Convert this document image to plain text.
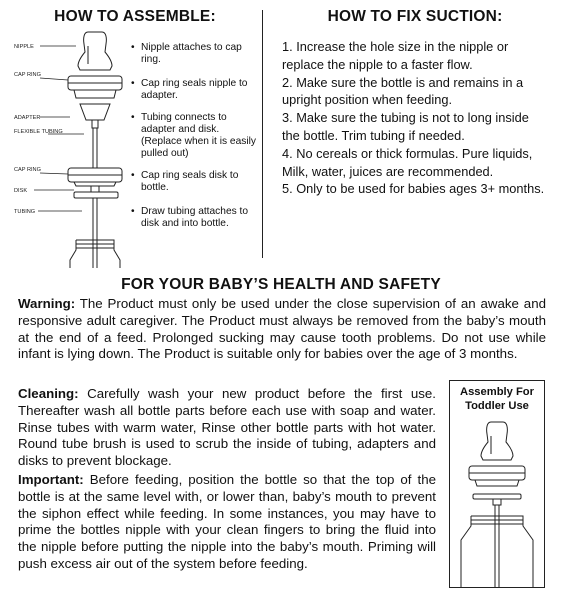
HOW TO ASSEMBLE:
NIPPLE
CAP RING
ADAPTER
FLEXIBLE TUBING
CAP RING
DISK
TUBING
• Nipple attaches to cap ring.
• Cap ring seals nipple to adapter.
• Tubing connects to adapter and disk. (Replace when it is easily pulled out)
• Cap ring seals disk to bottle.
• Draw tubing attaches to disk and into bottle.
HOW TO FIX SUCTION:

1. Increase the hole size in the nipple or replace the nipple to a faster flow.

2. Make sure the bottle is and remains in a upright position when feeding.

3. Make sure the tubing is not to long inside the bottle. Trim tubing if needed.

4. No cereals or thick formulas. Pure liquids, Milk, water, juices are recommended.

5. Only to be used for babies ages 3+ months.

FOR YOUR BABY’S HEALTH AND SAFETY
Warning: The Product must only be used under the close supervision of an awake and responsive adult caregiver. The Product must always be removed from the baby’s mouth at the end of a feed. Prolonged sucking may cause tooth problems. Do not use while infant is lying down. The Product is suitable only for babies over the age of 3 months.
Cleaning: Carefully wash your new product before the first use. Thereafter wash all bottle parts before each use with soap and water. Rinse tubes with warm water, Rinse other bottle parts with hot water. Round tube brush is used to scrub the inside of tubing, adapters and disks to prevent blockage.
Important: Before feeding, position the bottle so that the top of the bottle is at the same level with, or lower than, baby’s mouth to prevent the siphon effect while feeding. In some instances, you may have to prime the bottles nipple with your clean fingers to bring the fluid into the nipple before putting the nipple into the baby’s mouth. Priming will push excess air out of the system before feeding.
Assembly For
Toddler Use
